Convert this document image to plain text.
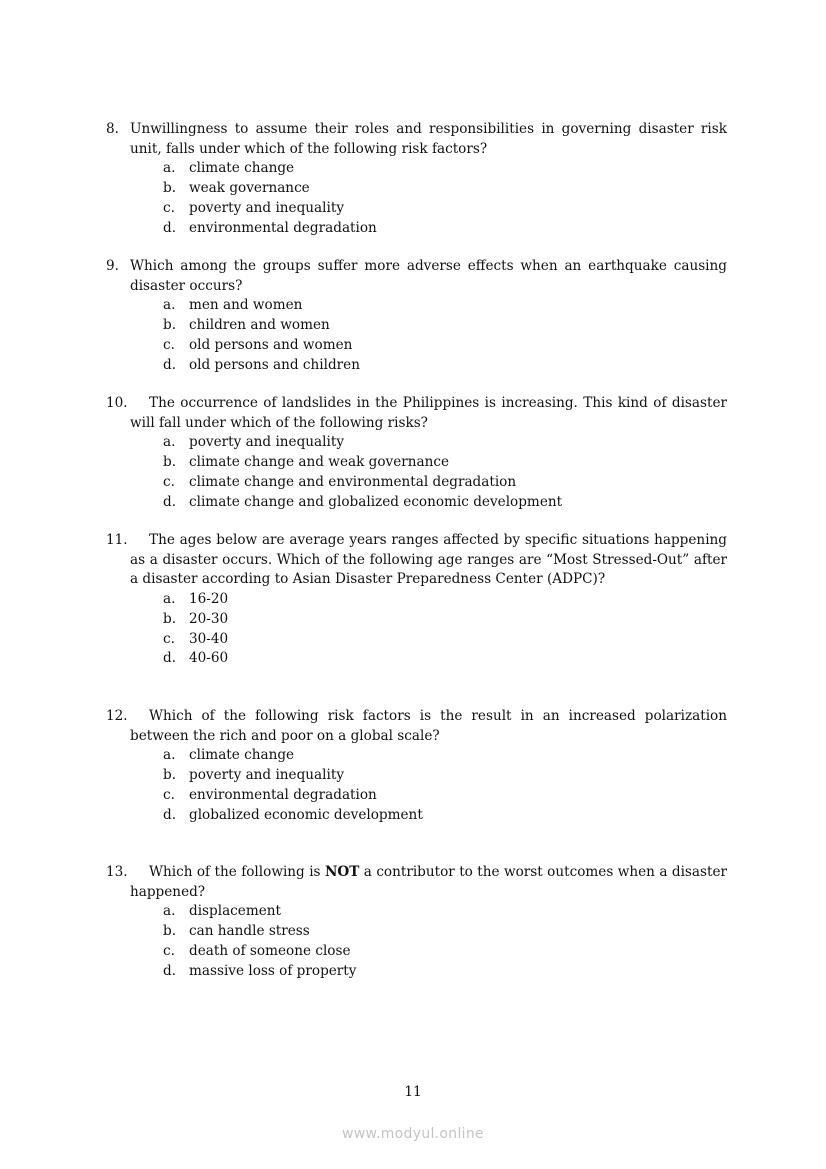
8. Unwillingness to assume their roles and responsibilities in governing disaster risk unit, falls under which of the following risk factors?
a. climate change
b. weak governance
c. poverty and inequality
d. environmental degradation
9. Which among the groups suffer more adverse effects when an earthquake causing disaster occurs?
a. men and women
b. children and women
c. old persons and women
d. old persons and children
10. The occurrence of landslides in the Philippines is increasing. This kind of disaster will fall under which of the following risks?
a. poverty and inequality
b. climate change and weak governance
c. climate change and environmental degradation
d. climate change and globalized economic development
11. The ages below are average years ranges affected by specific situations happening as a disaster occurs. Which of the following age ranges are “Most Stressed-Out” after a disaster according to Asian Disaster Preparedness Center (ADPC)?
a. 16-20
b. 20-30
c. 30-40
d. 40-60
12. Which of the following risk factors is the result in an increased polarization between the rich and poor on a global scale?
a. climate change
b. poverty and inequality
c. environmental degradation
d. globalized economic development
13. Which of the following is NOT a contributor to the worst outcomes when a disaster happened?
a. displacement
b. can handle stress
c. death of someone close
d. massive loss of property
11
www.modyul.online
